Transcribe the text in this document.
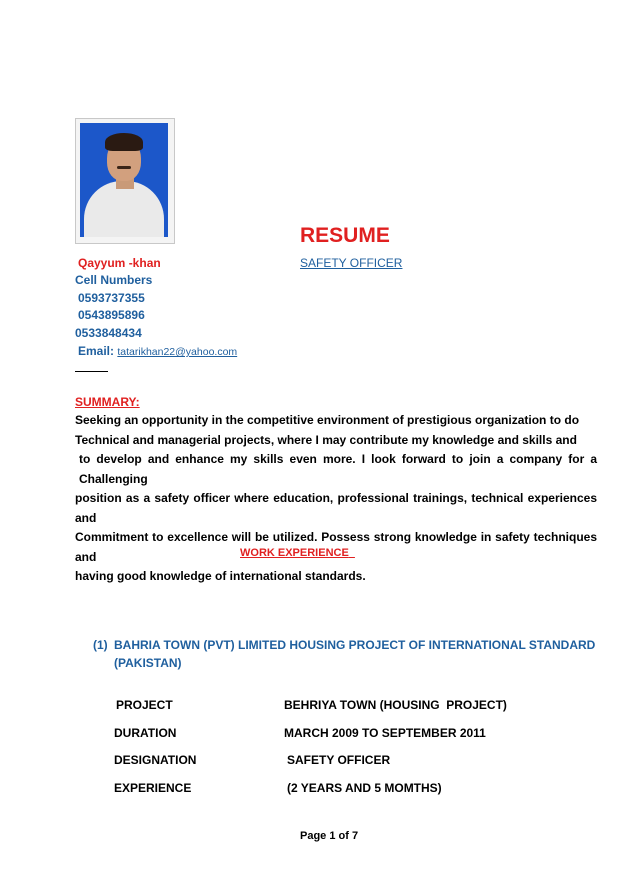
RESUME
Qayyum -khan	SAFETY OFFICER
Cell Numbers
0593737355
0543895896
0533848434
Email: tatarikhan22@yahoo.com
SUMMARY:
Seeking an opportunity in the competitive environment of prestigious organization to do
Technical and managerial projects, where I may contribute my knowledge and skills and
to develop and enhance my skills even more. I look forward to join a company for a Challenging
position as a safety officer where education, professional trainings, technical experiences and
Commitment to excellence will be utilized. Possess strong knowledge in safety techniques and
having good knowledge of international standards.
WORK EXPERIENCE
(1) BAHRIA TOWN (PVT) LIMITED HOUSING PROJECT OF INTERNATIONAL STANDARD
(PAKISTAN)
PROJECT	BEHRIYA TOWN (HOUSING  PROJECT)
DURATION	MARCH 2009 TO SEPTEMBER 2011
DESIGNATION	SAFETY OFFICER
EXPERIENCE	(2 YEARS AND 5 MOMTHS)
Page 1 of 7
